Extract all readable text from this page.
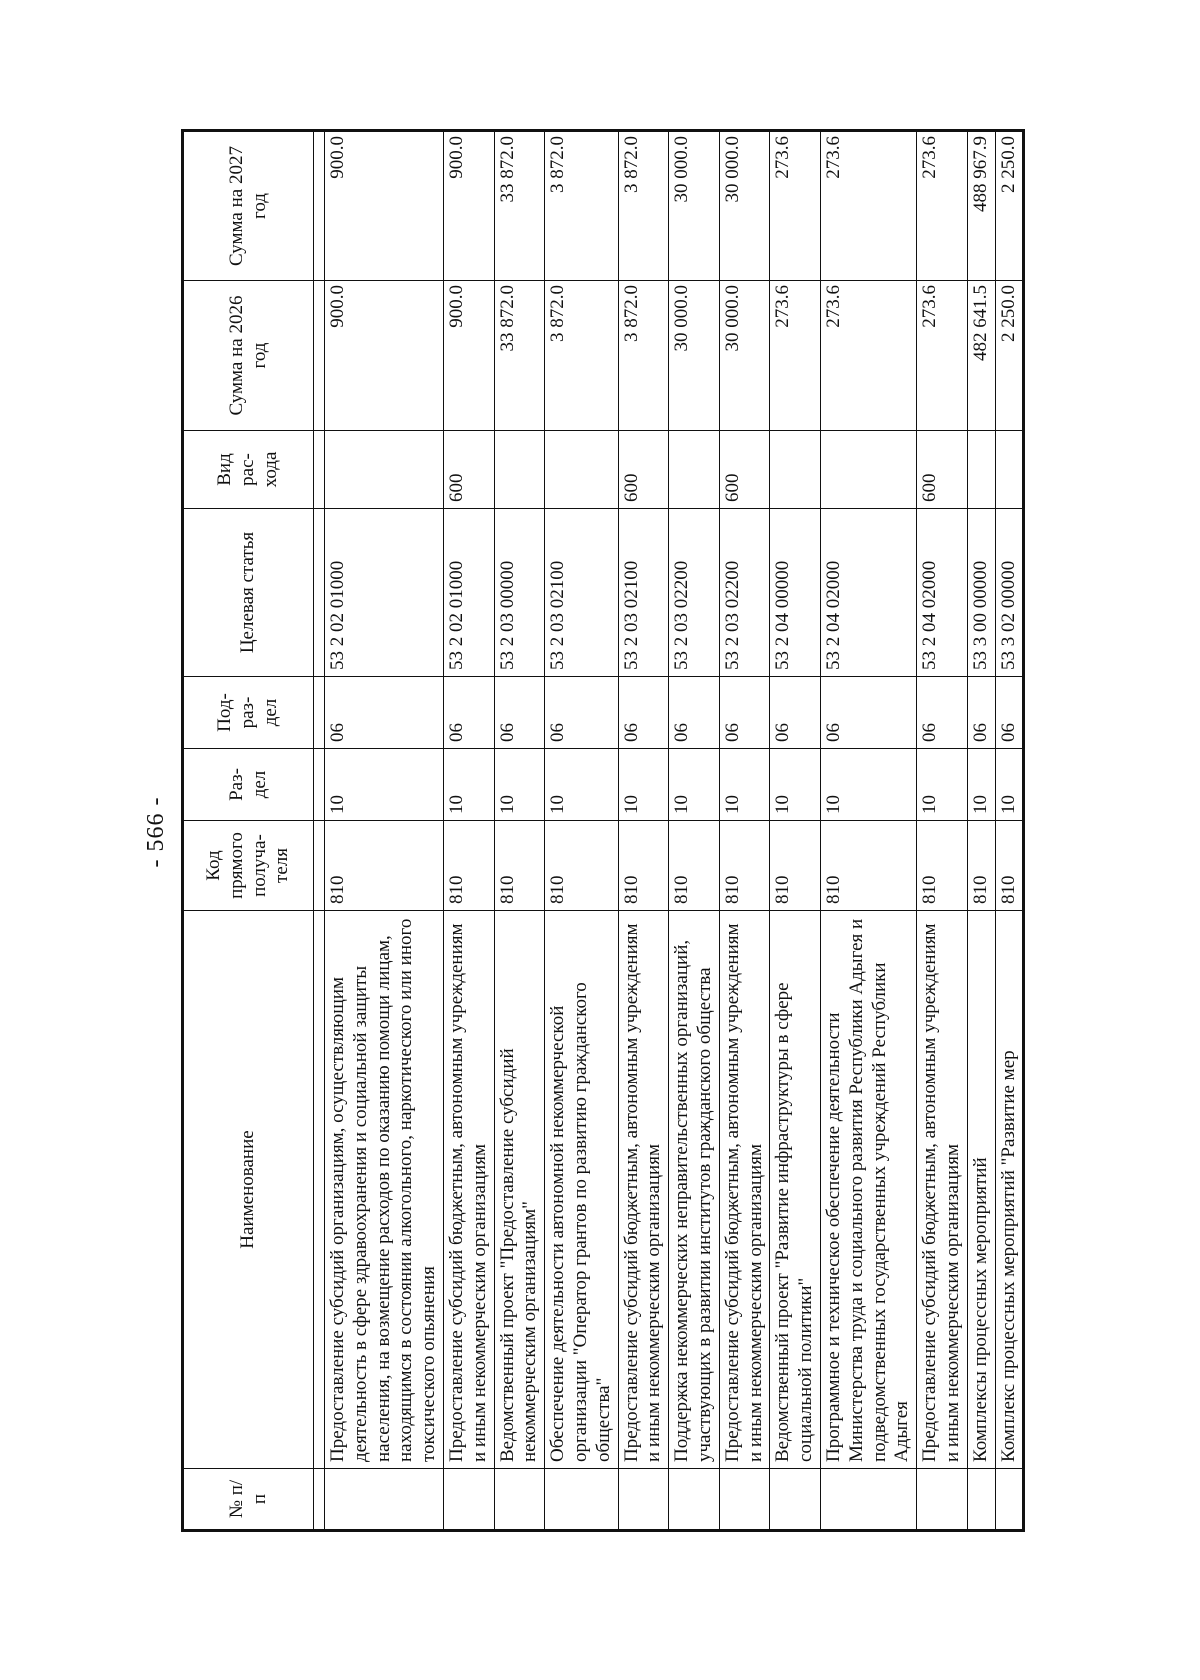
- 566 -
№ п/п	Наименование	Код прямого получа- теля	Раз- дел	Под- раз- дел	Целевая статья	Вид рас- хода	Сумма на 2026 год	Сумма на 2027 год

	Предоставление субсидий организациям, осуществляющим деятельность в сфере здравоохранения и социальной защиты населения, на возмещение расходов по оказанию помощи лицам, находящимся в состоянии алкогольного, наркотического или иного токсического опьянения	810	10	06	53 2 02 01000		900.0	900.0
	Предоставление субсидий бюджетным, автономным учреждениям и иным некоммерческим организациям	810	10	06	53 2 02 01000	600	900.0	900.0
	Ведомственный проект "Предоставление субсидий некоммерческим организациям"	810	10	06	53 2 03 00000		33 872.0	33 872.0
	Обеспечение деятельности автономной некоммерческой организации "Оператор грантов по развитию гражданского общества"	810	10	06	53 2 03 02100		3 872.0	3 872.0
	Предоставление субсидий бюджетным, автономным учреждениям и иным некоммерческим организациям	810	10	06	53 2 03 02100	600	3 872.0	3 872.0
	Поддержка некоммерческих неправительственных организаций, участвующих в развитии институтов гражданского общества	810	10	06	53 2 03 02200		30 000.0	30 000.0
	Предоставление субсидий бюджетным, автономным учреждениям и иным некоммерческим организациям	810	10	06	53 2 03 02200	600	30 000.0	30 000.0
	Ведомственный проект "Развитие инфраструктуры в сфере социальной политики"	810	10	06	53 2 04 00000		273.6	273.6
	Программное и техническое обеспечение деятельности Министерства труда и социального развития Республики Адыгея и подведомственных государственных учреждений Республики Адыгея	810	10	06	53 2 04 02000		273.6	273.6
	Предоставление субсидий бюджетным, автономным учреждениям и иным некоммерческим организациям	810	10	06	53 2 04 02000	600	273.6	273.6
	Комплексы процессных мероприятий	810	10	06	53 3 00 00000		482 641.5	488 967.9
	Комплекс процессных мероприятий "Развитие мер	810	10	06	53 3 02 00000		2 250.0	2 250.0
